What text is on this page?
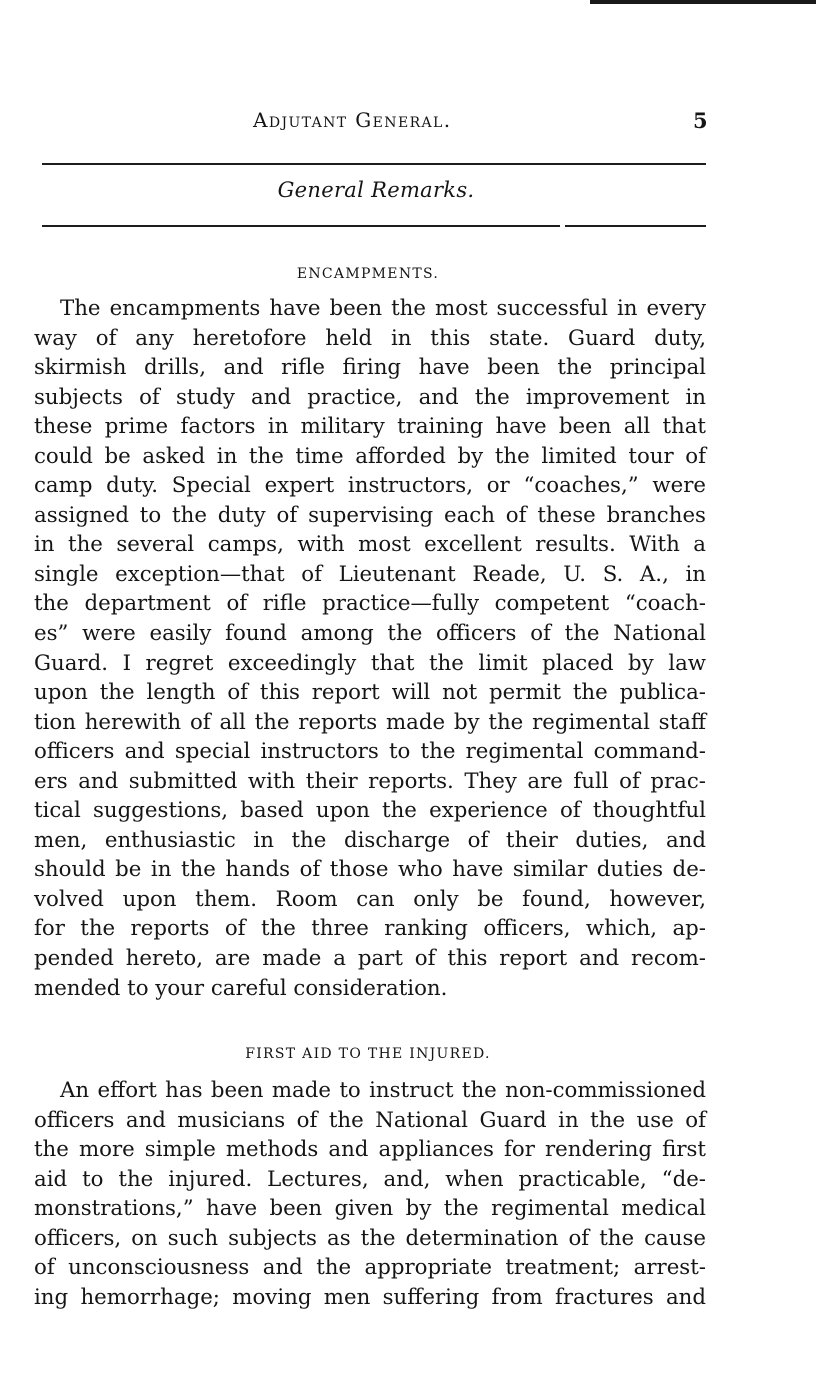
Adjutant General.	5
General Remarks.
ENCAMPMENTS.
The encampments have been the most successful in every
way of any heretofore held in this state. Guard duty,
skirmish drills, and rifle firing have been the principal
subjects of study and practice, and the improvement in
these prime factors in military training have been all that
could be asked in the time afforded by the limited tour of
camp duty. Special expert instructors, or “coaches,” were
assigned to the duty of supervising each of these branches
in the several camps, with most excellent results. With a
single exception—that of Lieutenant Reade, U. S. A., in
the department of rifle practice—fully competent “coach-
es” were easily found among the officers of the National
Guard. I regret exceedingly that the limit placed by law
upon the length of this report will not permit the publica-
tion herewith of all the reports made by the regimental staff
officers and special instructors to the regimental command-
ers and submitted with their reports. They are full of prac-
tical suggestions, based upon the experience of thoughtful
men, enthusiastic in the discharge of their duties, and
should be in the hands of those who have similar duties de-
volved upon them. Room can only be found, however,
for the reports of the three ranking officers, which, ap-
pended hereto, are made a part of this report and recom-
mended to your careful consideration.
FIRST AID TO THE INJURED.
An effort has been made to instruct the non-commissioned
officers and musicians of the National Guard in the use of
the more simple methods and appliances for rendering first
aid to the injured. Lectures, and, when practicable, “de-
monstrations,” have been given by the regimental medical
officers, on such subjects as the determination of the cause
of unconsciousness and the appropriate treatment; arrest-
ing hemorrhage; moving men suffering from fractures and
